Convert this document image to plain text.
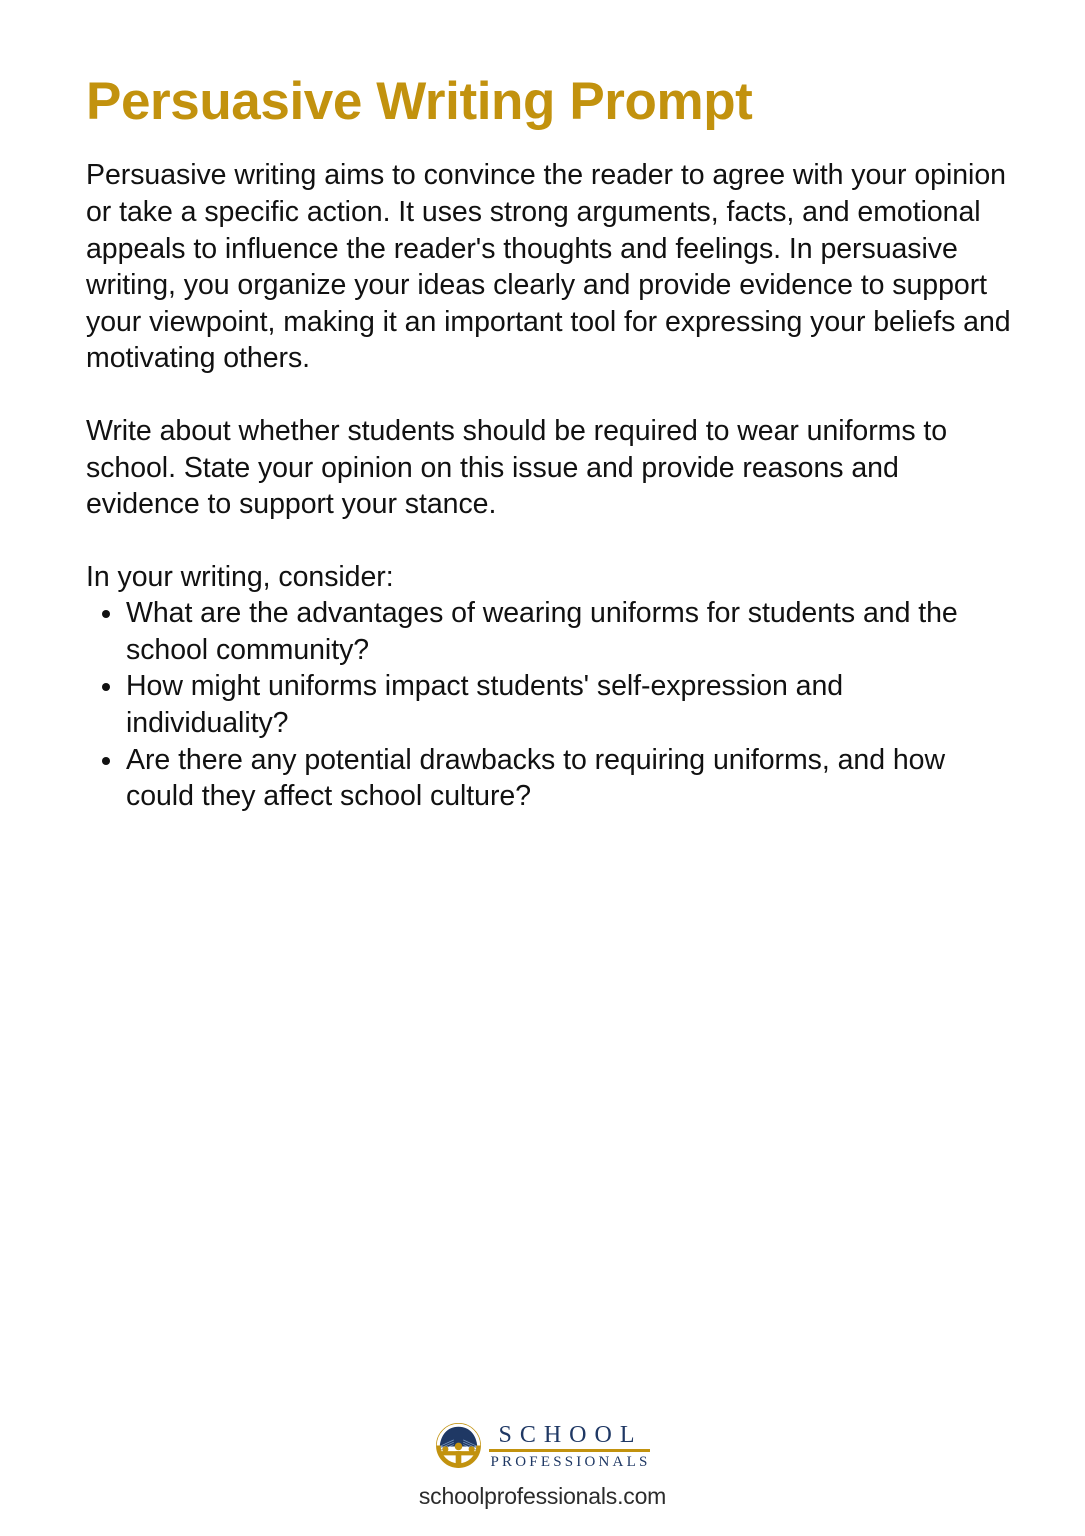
Persuasive Writing Prompt

Persuasive writing aims to convince the reader to agree with your opinion or take a specific action. It uses strong arguments, facts, and emotional appeals to influence the reader's thoughts and feelings. In persuasive writing, you organize your ideas clearly and provide evidence to support your viewpoint, making it an important tool for expressing your beliefs and motivating others.

Write about whether students should be required to wear uniforms to school. State your opinion on this issue and provide reasons and evidence to support your stance.

In your writing, consider:

What are the advantages of wearing uniforms for students and the school community?
How might uniforms impact students' self-expression and individuality?
Are there any potential drawbacks to requiring uniforms, and how could they affect school culture?
SCHOOL
PROFESSIONALS
schoolprofessionals.com
